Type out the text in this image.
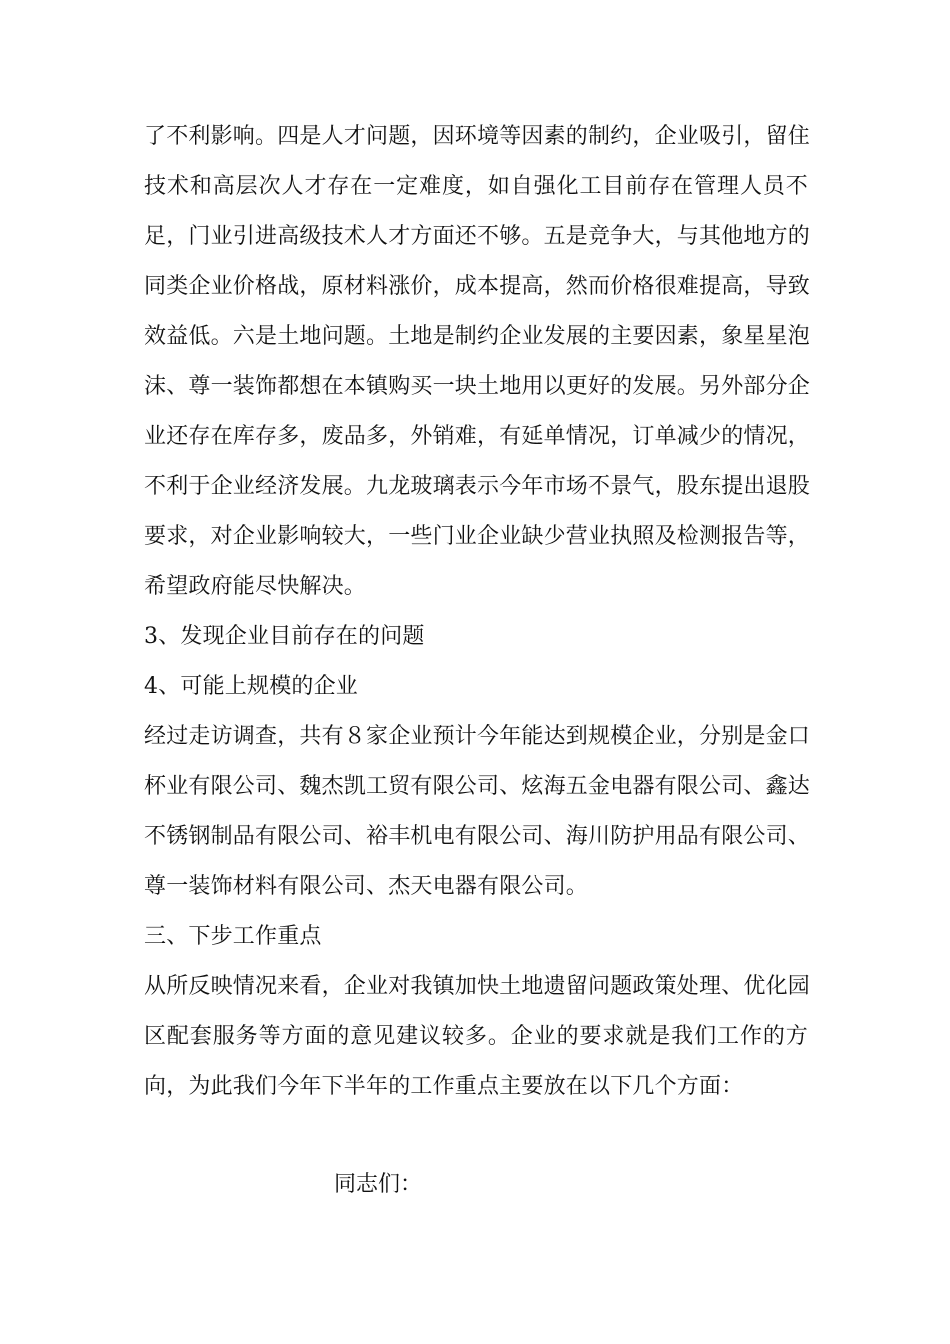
了不利影响。四是人才问题，因环境等因素的制约，企业吸引，留住
技术和高层次人才存在一定难度，如自强化工目前存在管理人员不
足，门业引进高级技术人才方面还不够。五是竞争大，与其他地方的
同类企业价格战，原材料涨价，成本提高，然而价格很难提高，导致
效益低。六是土地问题。土地是制约企业发展的主要因素，象星星泡
沫、尊一装饰都想在本镇购买一块土地用以更好的发展。另外部分企
业还存在库存多，废品多，外销难，有延单情况，订单减少的情况，
不利于企业经济发展。九龙玻璃表示今年市场不景气，股东提出退股
要求，对企业影响较大，一些门业企业缺少营业执照及检测报告等，
希望政府能尽快解决。
3、发现企业目前存在的问题
4、可能上规模的企业
经过走访调查，共有８家企业预计今年能达到规模企业，分别是金口
杯业有限公司、魏杰凯工贸有限公司、炫海五金电器有限公司、鑫达
不锈钢制品有限公司、裕丰机电有限公司、海川防护用品有限公司、
尊一装饰材料有限公司、杰天电器有限公司。
三、下步工作重点
从所反映情况来看，企业对我镇加快土地遗留问题政策处理、优化园
区配套服务等方面的意见建议较多。企业的要求就是我们工作的方
向，为此我们今年下半年的工作重点主要放在以下几个方面：
同志们：
